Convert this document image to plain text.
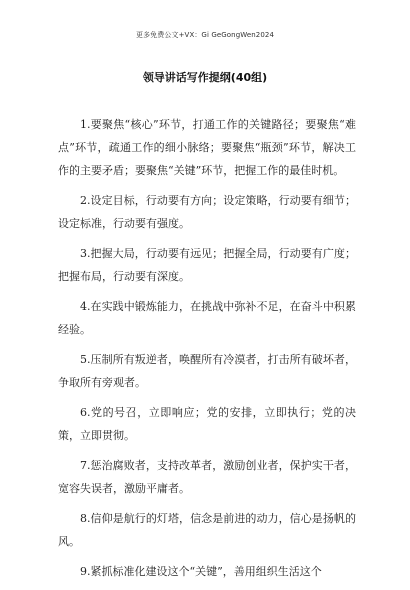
更多免费公文+VX：Gi GeGongWen2024
领导讲话写作提纲(40组)

1.要聚焦“核心”环节，打通工作的关键路径；要聚焦“难点”环节，疏通工作的细小脉络；要聚焦“瓶颈”环节，解决工作的主要矛盾；要聚焦“关键”环节，把握工作的最佳时机。

2.设定目标，行动要有方向；设定策略，行动要有细节；设定标准，行动要有强度。

3.把握大局，行动要有远见；把握全局，行动要有广度；把握布局，行动要有深度。

4.在实践中锻炼能力，在挑战中弥补不足，在奋斗中积累经验。

5.压制所有叛逆者，唤醒所有冷漠者，打击所有破坏者，争取所有旁观者。

6.党的号召，立即响应；党的安排，立即执行；党的决策，立即贯彻。

7.惩治腐败者，支持改革者，激励创业者，保护实干者，宽容失误者，激励平庸者。

8.信仰是航行的灯塔，信念是前进的动力，信心是扬帆的风。

9.紧抓标准化建设这个“关键”，善用组织生活这个
